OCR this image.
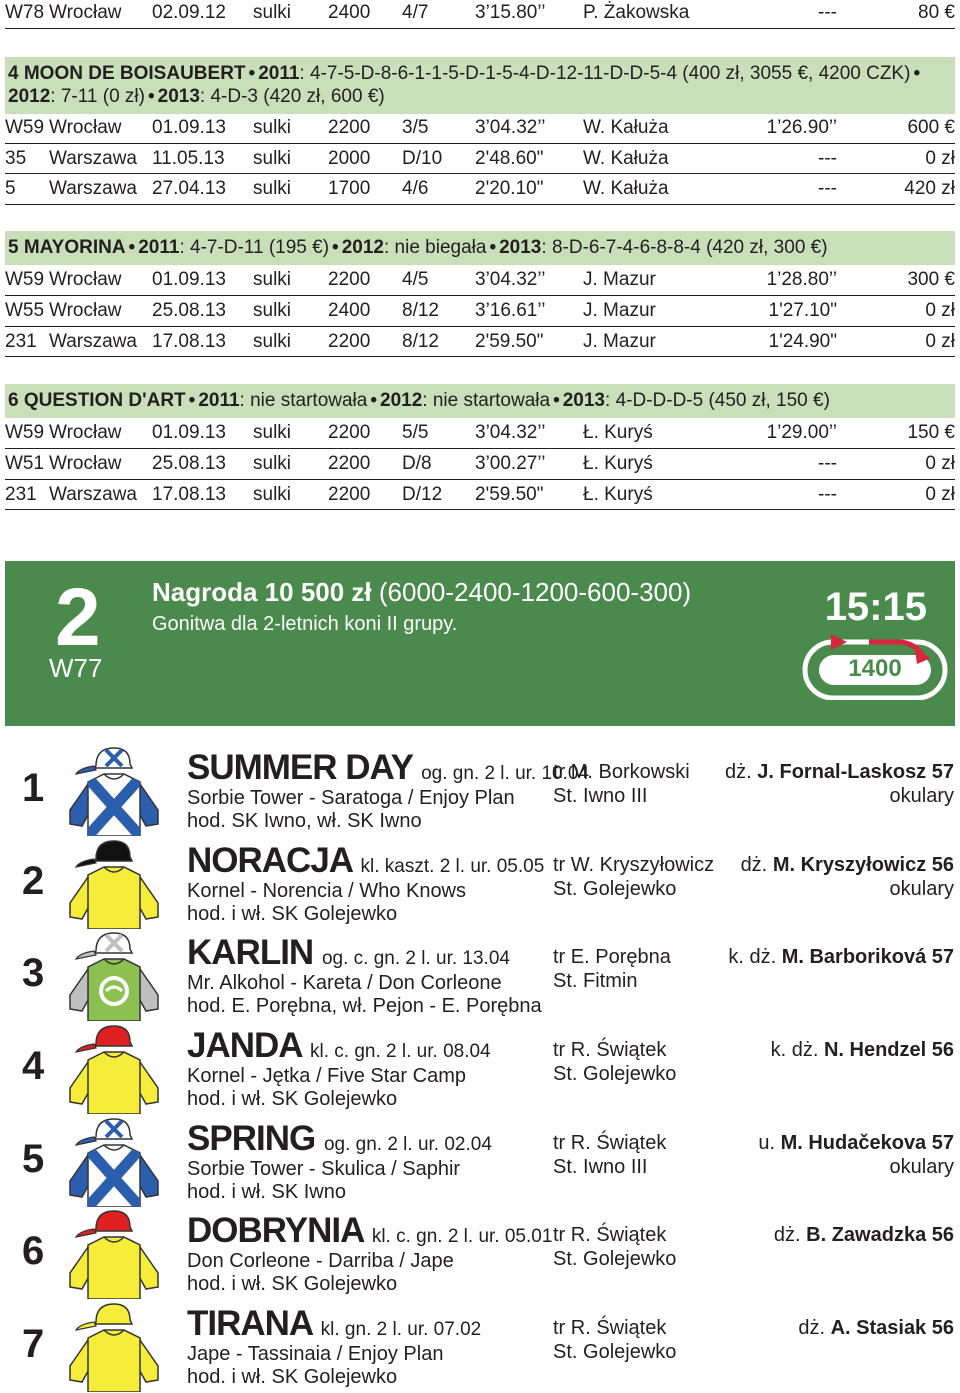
W78 Wrocław 02.09.12 sulki 2400 4/7 3’15.80’’ P. Żakowska	---	80 €
4 MOON DE BOISAUBERT • 2011: 4-7-5-D-8-6-1-1-5-D-1-5-4-D-12-11-D-D-5-4 (400 zł, 3055 €, 4200 CZK) •
2012: 7-11 (0 zł) • 2013: 4-D-3 (420 zł, 600 €)
W59 Wrocław 01.09.13 sulki 2200 3/5 3’04.32’’ W. Kałuża	1’26.90’’	600 €
35 Warszawa 11.05.13 sulki 2000 D/10 2'48.60" W. Kałuża	---	0 zł
5 Warszawa 27.04.13 sulki 1700 4/6 2'20.10" W. Kałuża	---	420 zł
5 MAYORINA • 2011: 4-7-D-11 (195 €) • 2012: nie biegała • 2013: 8-D-6-7-4-6-8-8-4 (420 zł, 300 €)
W59 Wrocław 01.09.13 sulki 2200 4/5 3’04.32’’ J. Mazur	1’28.80’’	300 €
W55 Wrocław 25.08.13 sulki 2400 8/12 3’16.61’’ J. Mazur	1'27.10"	0 zł
231 Warszawa 17.08.13 sulki 2200 8/12 2'59.50" J. Mazur	1'24.90"	0 zł
6 QUESTION D'ART • 2011: nie startowała • 2012: nie startowała • 2013: 4-D-D-D-5 (450 zł, 150 €)
W59 Wrocław 01.09.13 sulki 2200 5/5 3’04.32’’ Ł. Kuryś	1’29.00’’	150 €
W51 Wrocław 25.08.13 sulki 2200 D/8 3’00.27’’ Ł. Kuryś	---	0 zł
231 Warszawa 17.08.13 sulki 2200 D/12 2'59.50" Ł. Kuryś	---	0 zł
2
W77
Nagroda 10 500 zł (6000-2400-1200-600-300)
Gonitwa dla 2-letnich koni II grupy.	15:15
1400
1	SUMMER DAY og. gn. 2 l. ur. 10.04
Sorbie Tower - Saratoga / Enjoy Plan
hod. SK Iwno, wł. SK Iwno
tr M. Borkowski
St. Iwno III
dż. J. Fornal-Laskosz 57
okulary
2	NORACJA kl. kaszt. 2 l. ur. 05.05
Kornel - Norencia / Who Knows
hod. i wł. SK Golejewko
tr W. Kryszyłowicz
St. Golejewko
dż. M. Kryszyłowicz 56
okulary
3	KARLIN og. c. gn. 2 l. ur. 13.04
Mr. Alkohol - Kareta / Don Corleone
hod. E. Porębna, wł. Pejon - E. Porębna
tr E. Porębna
St. Fitmin
k. dż. M. Barboriková 57
4	JANDA kl. c. gn. 2 l. ur. 08.04
Kornel - Jętka / Five Star Camp
hod. i wł. SK Golejewko
tr R. Świątek
St. Golejewko
k. dż. N. Hendzel 56
5	SPRING og. gn. 2 l. ur. 02.04
Sorbie Tower - Skulica / Saphir
hod. i wł. SK Iwno
tr R. Świątek
St. Iwno III
u. M. Hudačekova 57
okulary
6	DOBRYNIA kl. c. gn. 2 l. ur. 05.01
Don Corleone - Darriba / Jape
hod. i wł. SK Golejewko
tr R. Świątek
St. Golejewko
dż. B. Zawadzka 56
7	TIRANA kl. gn. 2 l. ur. 07.02
Jape - Tassinaia / Enjoy Plan
hod. i wł. SK Golejewko
tr R. Świątek
St. Golejewko
dż. A. Stasiak 56
